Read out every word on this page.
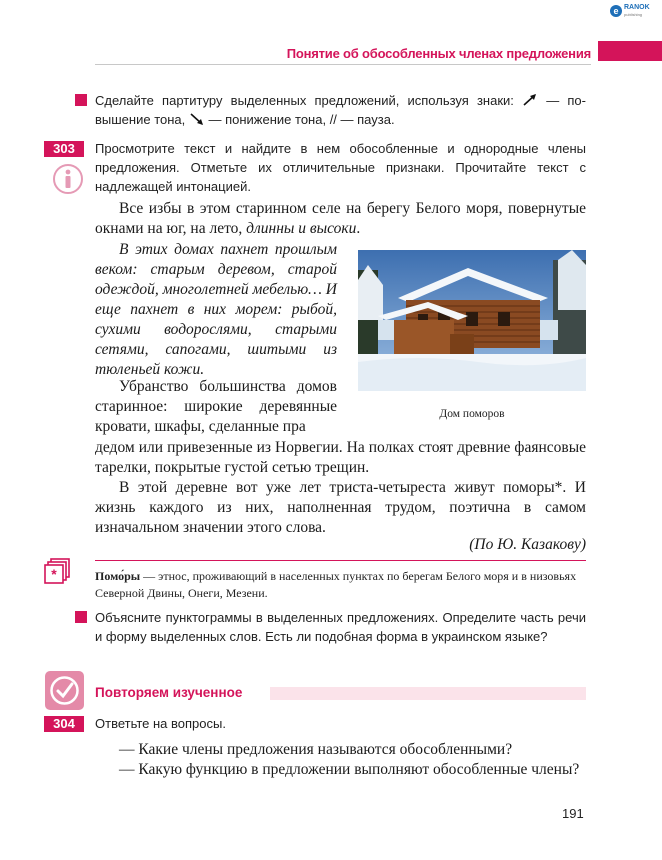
e RANOK
publishing
Понятие об обособленных членах предложения
Сделайте партитуру выделенных предложений, используя знаки:  — повышение тона,  — понижение тона, // — пауза.
303	Просмотрите текст и найдите в нем обособленные и однородные члены предложения. Отметьте их отличительные признаки. Прочитайте текст с надлежащей интонацией.
Все избы в этом старинном селе на берегу Белого моря, повернутые окнами на юг, на лето, длинны и высоки.
В этих домах пахнет прошлым веком: старым деревом, старой одеждой, многолетней мебелью… И еще пахнет в них морем: рыбой, сухими водорослями, старыми сетями, сапогами, шитыми из тюленьей кожи.
Убранство большинства домов старинное: широкие деревянные кровати, шкафы, сделанные пра
Дом поморов
дедом или привезенные из Норвегии. На полках стоят древние фаянсовые тарелки, покрытые густой сетью трещин.
В этой деревне вот уже лет триста-четыреста живут поморы*. И жизнь каждого из них, наполненная трудом, поэтична в самом изначальном значении этого слова.
(По Ю. Казакову)
*	Помо́ры — этнос, проживающий в населенных пунктах по берегам Белого моря и в низовьях Северной Двины, Онеги, Мезени.
Объясните пунктограммы в выделенных предложениях. Определите часть речи и форму выделенных слов. Есть ли подобная форма в украинском языке?
Повторяем изученное
304	Ответьте на вопросы.
— Какие члены предложения называются обособленными?
— Какую функцию в предложении выполняют обособленные члены?
191
